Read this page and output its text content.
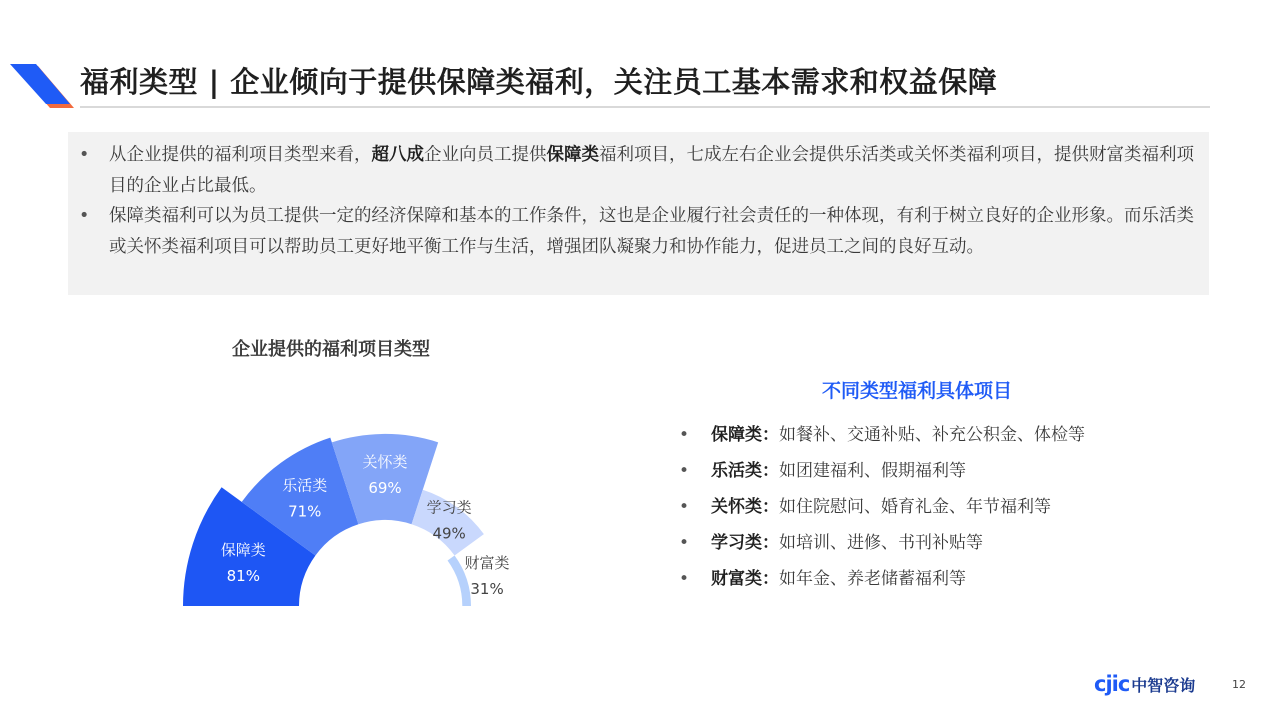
福利类型 | 企业倾向于提供保障类福利，关注员工基本需求和权益保障
• 从企业提供的福利项目类型来看，超八成企业向员工提供保障类福利项目，七成左右企业会提供乐活类或关怀类福利项目，提供财富类福利项目的企业占比最低。
• 保障类福利可以为员工提供一定的经济保障和基本的工作条件，这也是企业履行社会责任的一种体现，有利于树立良好的企业形象。而乐活类或关怀类福利项目可以帮助员工更好地平衡工作与生活，增强团队凝聚力和协作能力，促进员工之间的良好互动。
企业提供的福利项目类型
保障类
81%
乐活类
71%
关怀类
69%
学习类
49%
财富类
31%
不同类型福利具体项目
• 保障类：如餐补、交通补贴、补充公积金、体检等
• 乐活类：如团建福利、假期福利等
• 关怀类：如住院慰问、婚育礼金、年节福利等
• 学习类：如培训、进修、书刊补贴等
• 财富类：如年金、养老储蓄福利等
cjic 中智咨询	12
